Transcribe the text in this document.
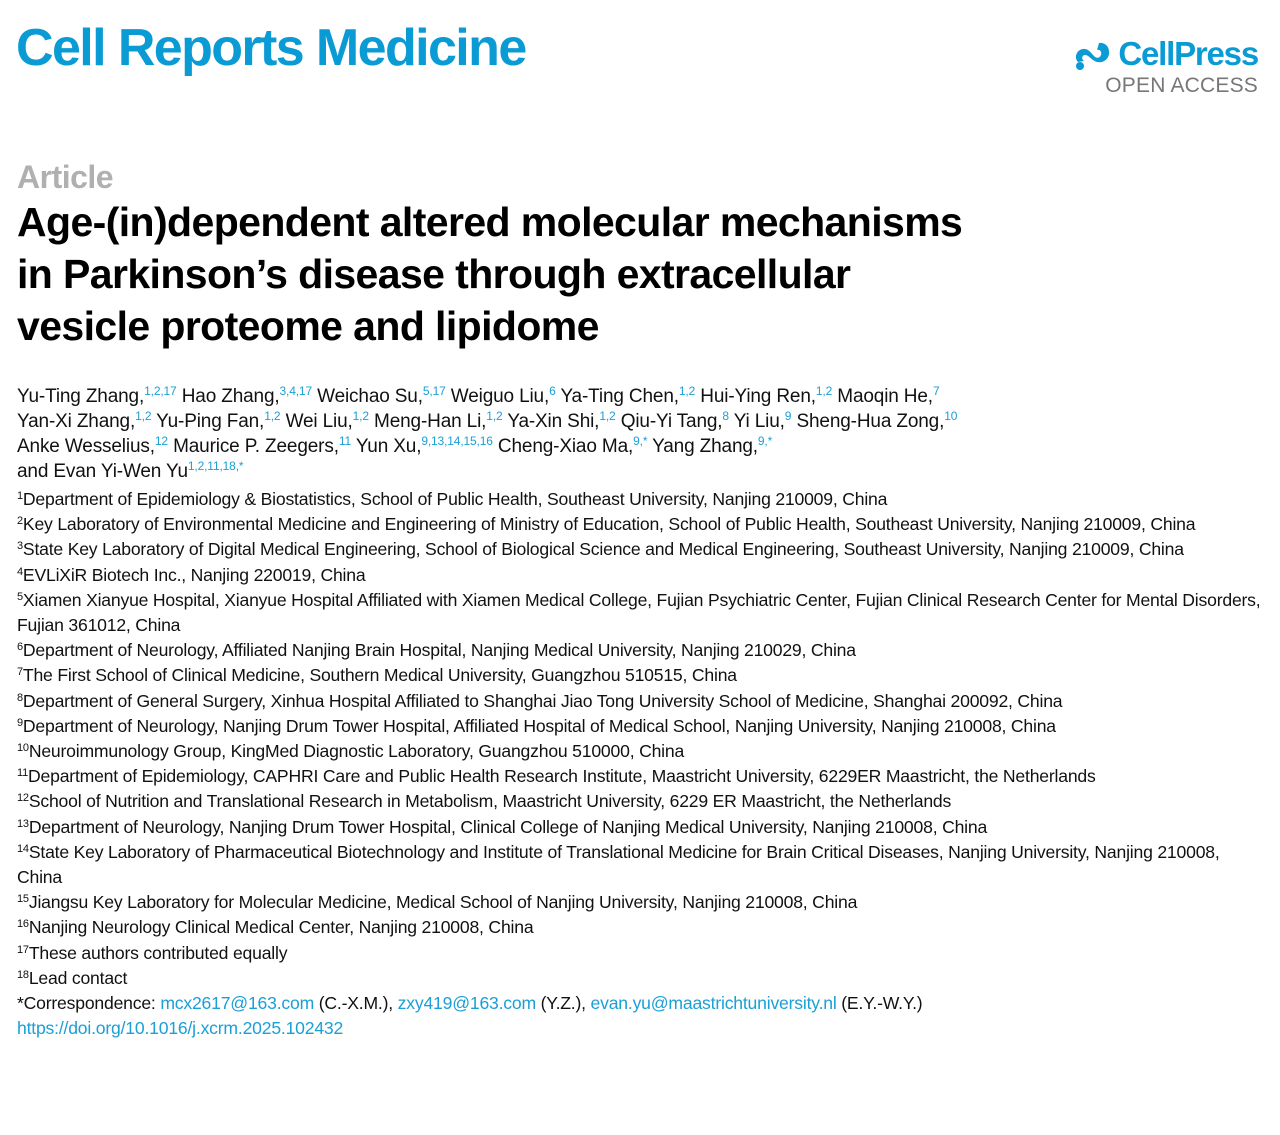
Cell Reports Medicine	CellPress
OPEN ACCESS
Article
Age-(in)dependent altered molecular mechanisms
in Parkinson’s disease through extracellular
vesicle proteome and lipidome
Yu-Ting Zhang,$^{1,2,17}$ Hao Zhang,$^{3,4,17}$ Weichao Su,$^{5,17}$ Weiguo Liu,$^6$ Ya-Ting Chen,$^{1,2}$ Hui-Ying Ren,$^{1,2}$ Maoqin He,$^7$
Yan-Xi Zhang,$^{1,2}$ Yu-Ping Fan,$^{1,2}$ Wei Liu,$^{1,2}$ Meng-Han Li,$^{1,2}$ Ya-Xin Shi,$^{1,2}$ Qiu-Yi Tang,$^8$ Yi Liu,$^9$ Sheng-Hua Zong,$^{10}$
Anke Wesselius,$^{12}$ Maurice P. Zeegers,$^{11}$ Yun Xu,$^{9,13,14,15,16}$ Cheng-Xiao Ma,$^{9,*}$ Yang Zhang,$^{9,*}$
and Evan Yi-Wen $Yu^{1,2,11,18,*}$

$^1$Department of Epidemiology & Biostatistics, School of Public Health, Southeast University, Nanjing 210009, China

$^2$Key Laboratory of Environmental Medicine and Engineering of Ministry of Education, School of Public Health, Southeast University, Nanjing 210009, China

$^3$State Key Laboratory of Digital Medical Engineering, School of Biological Science and Medical Engineering, Southeast University, Nanjing 210009, China

$^4$EVLiXiR Biotech Inc., Nanjing 220019, China

$^5$Xiamen Xianyue Hospital, Xianyue Hospital Affiliated with Xiamen Medical College, Fujian Psychiatric Center, Fujian Clinical Research Center for Mental Disorders, Fujian 361012, China

$^6$Department of Neurology, Affiliated Nanjing Brain Hospital, Nanjing Medical University, Nanjing 210029, China

$^7$The First School of Clinical Medicine, Southern Medical University, Guangzhou 510515, China

$^8$Department of General Surgery, Xinhua Hospital Affiliated to Shanghai Jiao Tong University School of Medicine, Shanghai 200092, China

$^9$Department of Neurology, Nanjing Drum Tower Hospital, Affiliated Hospital of Medical School, Nanjing University, Nanjing 210008, China

$^{10}$Neuroimmunology Group, KingMed Diagnostic Laboratory, Guangzhou 510000, China

$^{11}$Department of Epidemiology, CAPHRI Care and Public Health Research Institute, Maastricht University, 6229ER Maastricht, the Netherlands

$^{12}$School of Nutrition and Translational Research in Metabolism, Maastricht University, 6229 ER Maastricht, the Netherlands

$^{13}$Department of Neurology, Nanjing Drum Tower Hospital, Clinical College of Nanjing Medical University, Nanjing 210008, China

$^{14}$State Key Laboratory of Pharmaceutical Biotechnology and Institute of Translational Medicine for Brain Critical Diseases, Nanjing University, Nanjing 210008, China

$^{15}$Jiangsu Key Laboratory for Molecular Medicine, Medical School of Nanjing University, Nanjing 210008, China

$^{16}$Nanjing Neurology Clinical Medical Center, Nanjing 210008, China

$^{17}$These authors contributed equally

$^{18}$Lead contact

*Correspondence: mcx2617@163.com (C.-X.M.), zxy419@163.com (Y.Z.), evan.yu@maastrichtuniversity.nl (E.Y.-W.Y.)

https://doi.org/10.1016/j.xcrm.2025.102432
